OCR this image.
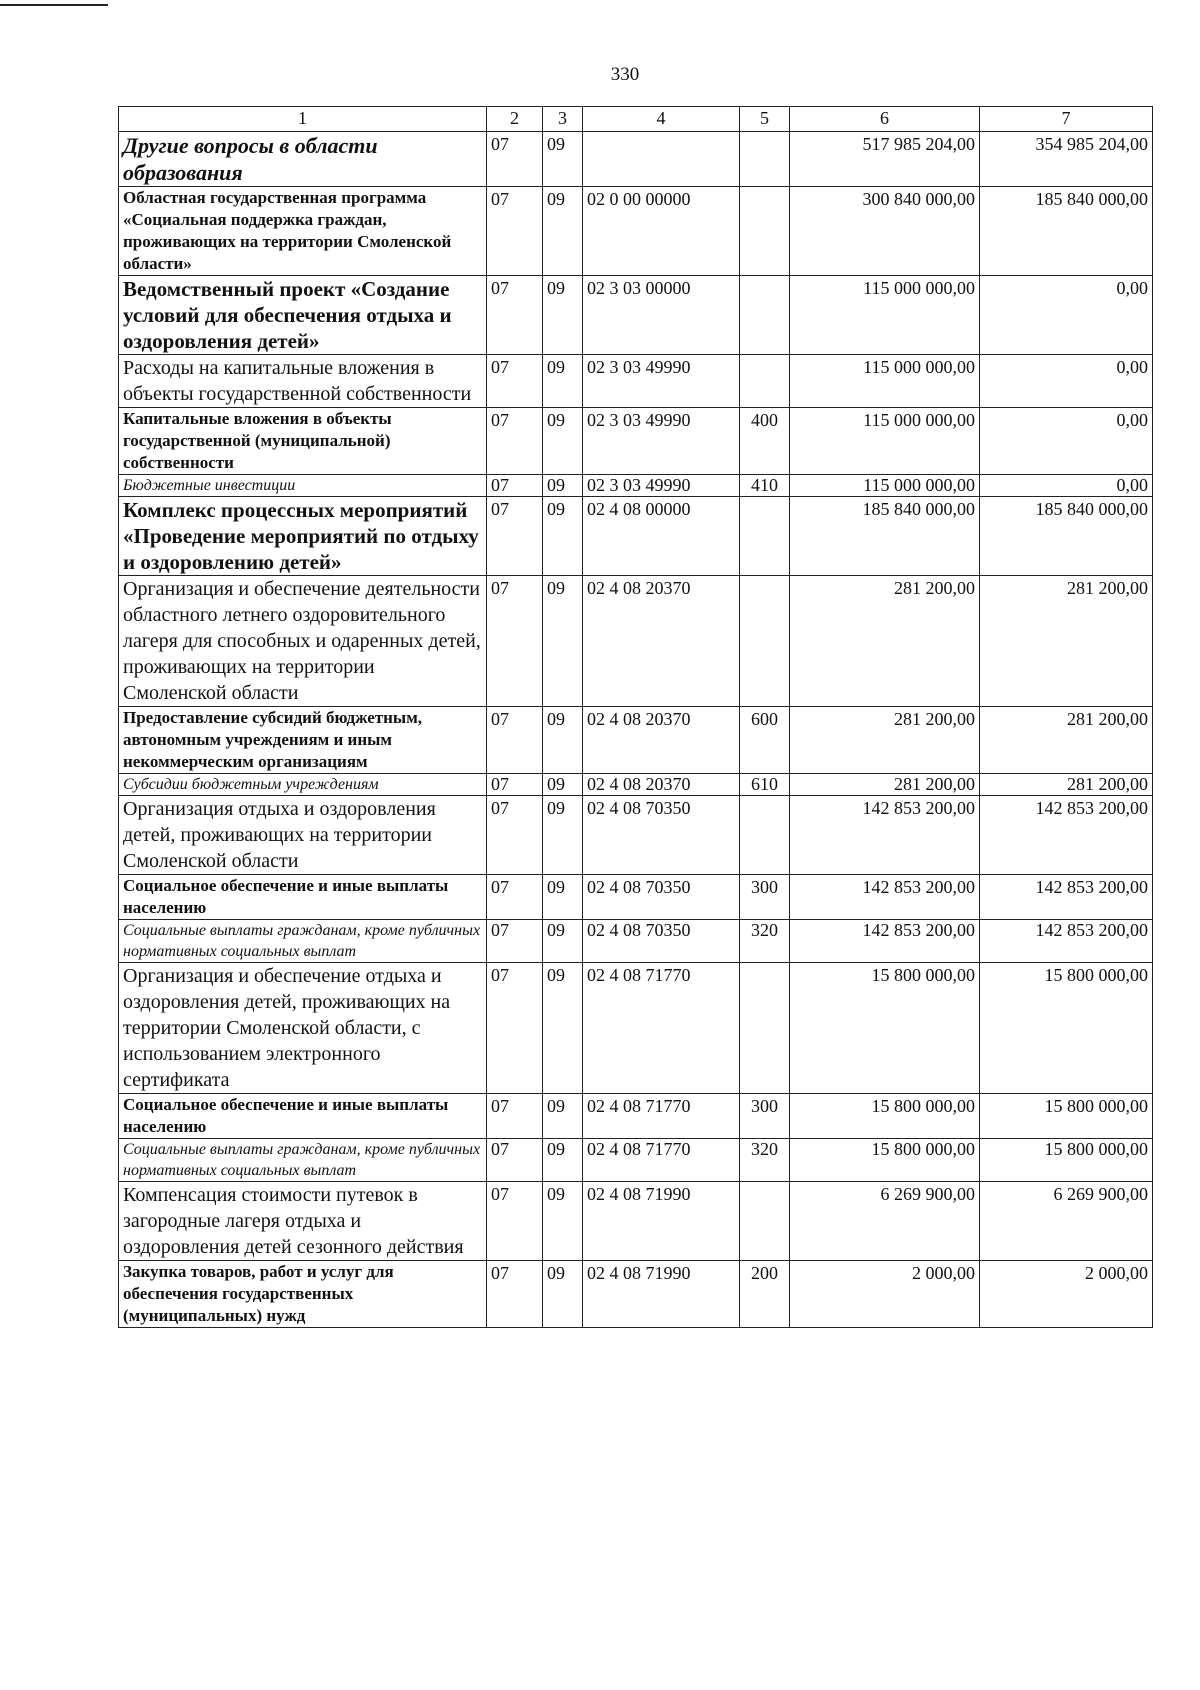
330
1	2	3	4	5	6	7
Другие вопросы в области образования	07	09			517 985 204,00	354 985 204,00
Областная государственная программа «Социальная поддержка граждан, проживающих на территории Смоленской области»	07	09	02 0 00 00000		300 840 000,00	185 840 000,00
Ведомственный проект «Создание условий для обеспечения отдыха и оздоровления детей»	07	09	02 3 03 00000		115 000 000,00	0,00
Расходы на капитальные вложения в объекты государственной собственности	07	09	02 3 03 49990		115 000 000,00	0,00
Капитальные вложения в объекты государственной (муниципальной) собственности	07	09	02 3 03 49990	400	115 000 000,00	0,00
Бюджетные инвестиции	07	09	02 3 03 49990	410	115 000 000,00	0,00
Комплекс процессных мероприятий «Проведение мероприятий по отдыху и оздоровлению детей»	07	09	02 4 08 00000		185 840 000,00	185 840 000,00
Организация и обеспечение деятельности областного летнего оздоровительного лагеря для способных и одаренных детей, проживающих на территории Смоленской области	07	09	02 4 08 20370		281 200,00	281 200,00
Предоставление субсидий бюджетным, автономным учреждениям и иным некоммерческим организациям	07	09	02 4 08 20370	600	281 200,00	281 200,00
Субсидии бюджетным учреждениям	07	09	02 4 08 20370	610	281 200,00	281 200,00
Организация отдыха и оздоровления детей, проживающих на территории Смоленской области	07	09	02 4 08 70350		142 853 200,00	142 853 200,00
Социальное обеспечение и иные выплаты населению	07	09	02 4 08 70350	300	142 853 200,00	142 853 200,00
Социальные выплаты гражданам, кроме публичных нормативных социальных выплат	07	09	02 4 08 70350	320	142 853 200,00	142 853 200,00
Организация и обеспечение отдыха и оздоровления детей, проживающих на территории Смоленской области, с использованием электронного сертификата	07	09	02 4 08 71770		15 800 000,00	15 800 000,00
Социальное обеспечение и иные выплаты населению	07	09	02 4 08 71770	300	15 800 000,00	15 800 000,00
Социальные выплаты гражданам, кроме публичных нормативных социальных выплат	07	09	02 4 08 71770	320	15 800 000,00	15 800 000,00
Компенсация стоимости путевок в загородные лагеря отдыха и оздоровления детей сезонного действия	07	09	02 4 08 71990		6 269 900,00	6 269 900,00
Закупка товаров, работ и услуг для обеспечения государственных (муниципальных) нужд	07	09	02 4 08 71990	200	2 000,00	2 000,00
